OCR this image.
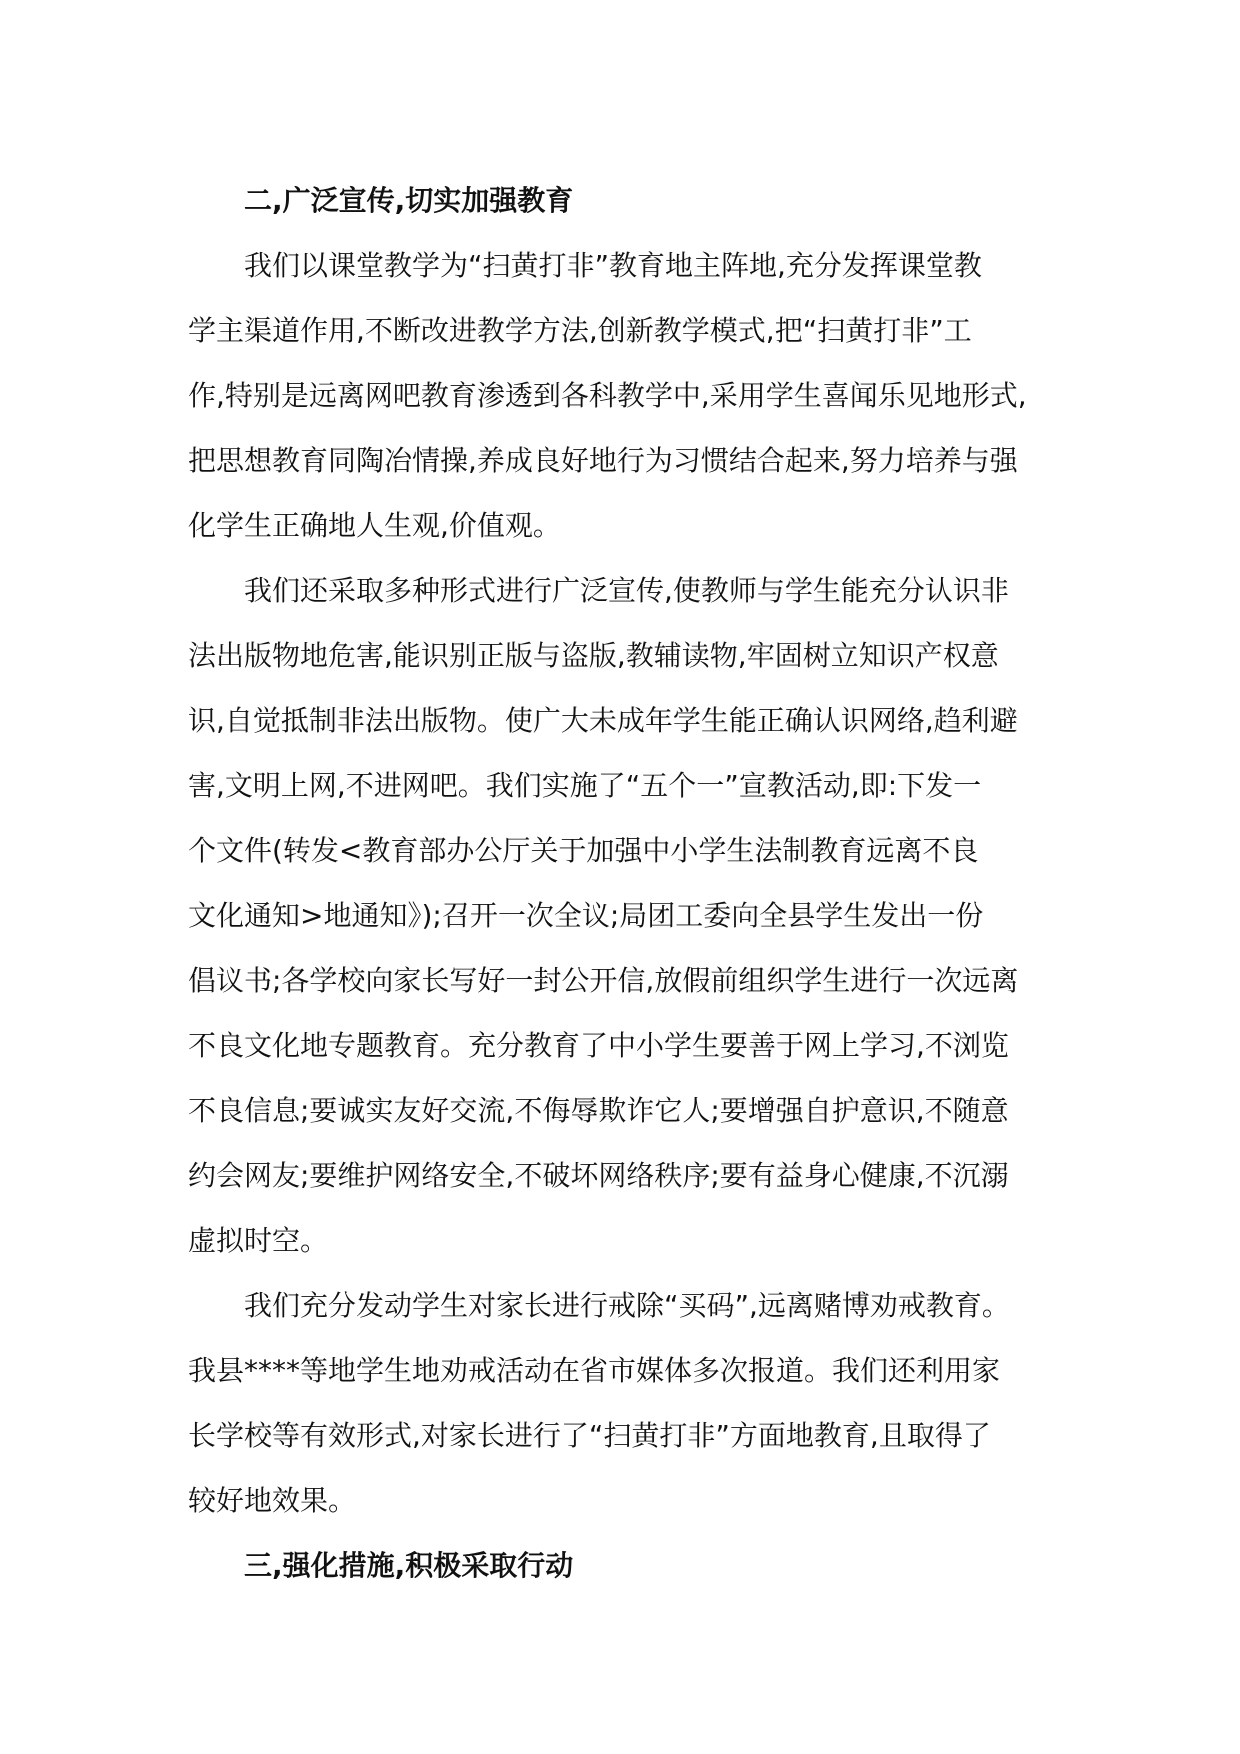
二,广泛宣传,切实加强教育

我们以课堂教学为“扫黄打非”教育地主阵地,充分发挥课堂教
学主渠道作用,不断改进教学方法,创新教学模式,把“扫黄打非”工
作,特别是远离网吧教育渗透到各科教学中,采用学生喜闻乐见地形式,
把思想教育同陶冶情操,养成良好地行为习惯结合起来,努力培养与强
化学生正确地人生观,价值观。

我们还采取多种形式进行广泛宣传,使教师与学生能充分认识非
法出版物地危害,能识别正版与盗版,教辅读物,牢固树立知识产权意
识,自觉抵制非法出版物。使广大未成年学生能正确认识网络,趋利避
害,文明上网,不进网吧。我们实施了“五个一”宣教活动,即:下发一
个文件(转发<教育部办公厅关于加强中小学生法制教育远离不良
文化通知>地通知》);召开一次全议;局团工委向全县学生发出一份
倡议书;各学校向家长写好一封公开信,放假前组织学生进行一次远离
不良文化地专题教育。充分教育了中小学生要善于网上学习,不浏览
不良信息;要诚实友好交流,不侮辱欺诈它人;要增强自护意识,不随意
约会网友;要维护网络安全,不破坏网络秩序;要有益身心健康,不沉溺
虚拟时空。

我们充分发动学生对家长进行戒除“买码”,远离赌博劝戒教育。
我县****等地学生地劝戒活动在省市媒体多次报道。我们还利用家
长学校等有效形式,对家长进行了“扫黄打非”方面地教育,且取得了
较好地效果。

三,强化措施,积极采取行动
